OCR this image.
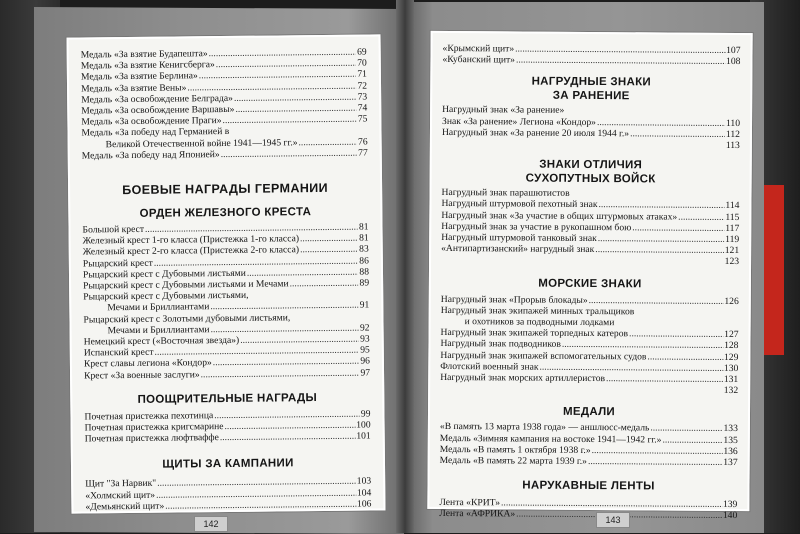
Медаль «За взятие Будапешта» .....	69
Медаль «За взятие Кенигсберга» .....	70
Медаль «За взятие Берлина» .....	71
Медаль «За взятие Вены» .....	72
Медаль «За освобождение Белграда» .....	73
Медаль «За освобождение Варшавы» .....	74
Медаль «За освобождение Праги» .....	75
Медаль «За победу над Германией в
Великой Отечественной войне 1941—1945 гг.» .....	76
Медаль «За победу над Японией» .....	77
БОЕВЫЕ НАГРАДЫ ГЕРМАНИИ
ОРДЕН ЖЕЛЕЗНОГО КРЕСТА
Большой крест .....	81
Железный крест 1-го класса (Пристежка 1-го класса) .....	81
Железный крест 2-го класса (Пристежка 2-го класса) .....	83
Рыцарский крест .....	86
Рыцарский крест с Дубовыми листьями .....	88
Рыцарский крест с Дубовыми листьями и Мечами .....	89
Рыцарский крест с Дубовыми листьями,
Мечами и Бриллиантами .....	91
Рыцарский крест с Золотыми дубовыми листьями,
Мечами и Бриллиантами .....	92
Немецкий крест («Восточная звезда») .....	93
Испанский крест .....	95
Крест славы легиона «Кондор» .....	96
Крест «За военные заслуги» .....	97
ПООЩРИТЕЛЬНЫЕ НАГРАДЫ
Почетная пристежка пехотинца .....	99
Почетная пристежка кригсмарине .....	100
Почетная пристежка люфтваффе .....	101
ЩИТЫ ЗА КАМПАНИИ
Щит "За Нарвик" .....	103
«Холмский щит» .....	104
«Демьянский щит» .....	106
«Крымский щит» .....	107
«Кубанский щит» .....	108
НАГРУДНЫЕ ЗНАКИ
ЗА РАНЕНИЕ
Нагрудный знак «За ранение»
Знак «За ранение» Легиона «Кондор» .....	110
Нагрудный знак «За ранение 20 июля 1944 г.» .....	112
113
ЗНАКИ ОТЛИЧИЯ
СУХОПУТНЫХ ВОЙСК
Нагрудный знак парашютистов
Нагрудный штурмовой пехотный знак .....	114
Нагрудный знак «За участие в общих штурмовых атаках» .....	115
Нагрудный знак за участие в рукопашном бою .....	117
Нагрудный штурмовой танковый знак .....	119
«Антипартизанский» нагрудный знак .....	121
123
МОРСКИЕ ЗНАКИ
Нагрудный знак «Прорыв блокады» .....	126
Нагрудный знак экипажей минных тральщиков
и охотников за подводными лодками
Нагрудный знак экипажей торпедных катеров .....	127
Нагрудный знак подводников .....	128
Нагрудный знак экипажей вспомогательных судов .....	129
Флотский военный знак .....	130
Нагрудный знак морских артиллеристов .....	131
132
МЕДАЛИ
«В память 13 марта 1938 года» — аншлюсс-медаль .....	133
Медаль «Зимняя кампания на востоке 1941—1942 гг.» .....	135
Медаль «В память 1 октября 1938 г.» .....	136
Медаль «В память 22 марта 1939 г.» .....	137
НАРУКАВНЫЕ ЛЕНТЫ
Лента «КРИТ» .....	139
Лента «АФРИКА» .....	140
142	143
